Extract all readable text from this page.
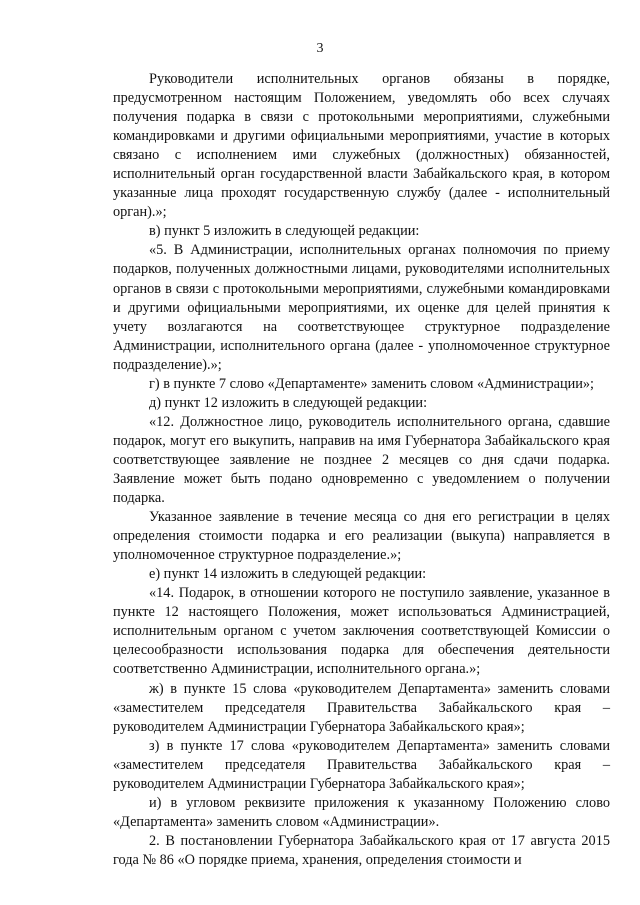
3

Руководители исполнительных органов обязаны в порядке, предусмотренном настоящим Положением, уведомлять обо всех случаях получения подарка в связи с протокольными мероприятиями, служебными командировками и другими официальными мероприятиями, участие в которых связано с исполнением ими служебных (должностных) обязанностей, исполнительный орган государственной власти Забайкальского края, в котором указанные лица проходят государственную службу (далее - исполнительный орган).»;

в) пункт 5 изложить в следующей редакции:

«5. В Администрации, исполнительных органах полномочия по приему подарков, полученных должностными лицами, руководителями исполнительных органов в связи с протокольными мероприятиями, служебными командировками и другими официальными мероприятиями, их оценке для целей принятия к учету возлагаются на соответствующее структурное подразделение Администрации, исполнительного органа (далее - уполномоченное структурное подразделение).»;

г) в пункте 7 слово «Департаменте» заменить словом «Администрации»;

д) пункт 12 изложить в следующей редакции:

«12. Должностное лицо, руководитель исполнительного органа, сдавшие подарок, могут его выкупить, направив на имя Губернатора Забайкальского края соответствующее заявление не позднее 2 месяцев со дня сдачи подарка. Заявление может быть подано одновременно с уведомлением о получении подарка.

Указанное заявление в течение месяца со дня его регистрации в целях определения стоимости подарка и его реализации (выкупа) направляется в уполномоченное структурное подразделение.»;

е) пункт 14 изложить в следующей редакции:

«14. Подарок, в отношении которого не поступило заявление, указанное в пункте 12 настоящего Положения, может использоваться Администрацией, исполнительным органом с учетом заключения соответствующей Комиссии о целесообразности использования подарка для обеспечения деятельности соответственно Администрации, исполнительного органа.»;

ж) в пункте 15 слова «руководителем Департамента» заменить словами «заместителем председателя Правительства Забайкальского края – руководителем Администрации Губернатора Забайкальского края»;

з) в пункте 17 слова «руководителем Департамента» заменить словами «заместителем председателя Правительства Забайкальского края – руководителем Администрации Губернатора Забайкальского края»;

и) в угловом реквизите приложения к указанному Положению слово «Департамента» заменить словом «Администрации».

2. В постановлении Губернатора Забайкальского края от 17 августа 2015 года № 86 «О порядке приема, хранения, определения стоимости и
